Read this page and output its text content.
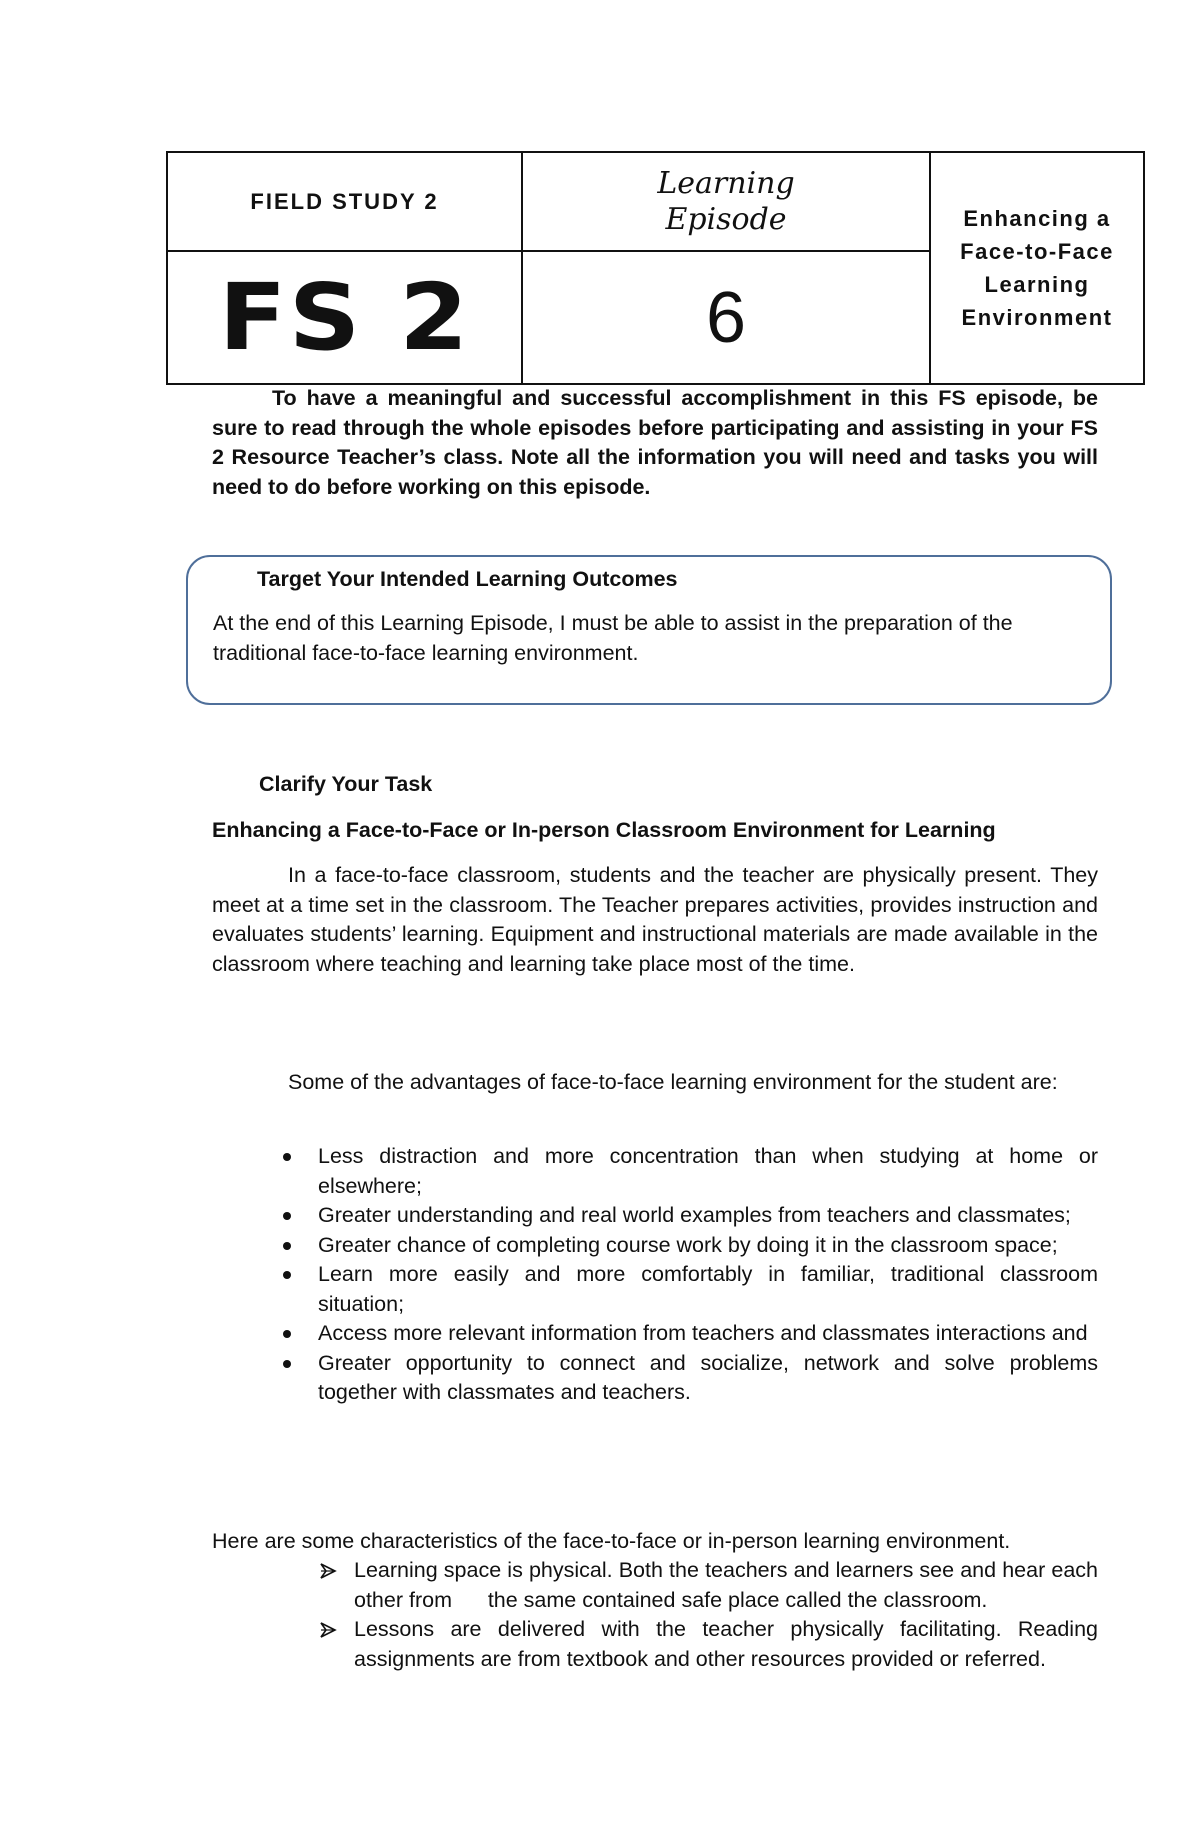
FIELD STUDY 2
Learning Episode	Enhancing a Face-to-Face Learning Environment
FS 2	6

To have a meaningful and successful accomplishment in this FS episode, be sure to read through the whole episodes before participating and assisting in your FS 2 Resource Teacher’s class. Note all the information you will need and tasks you will need to do before working on this episode.

Target Your Intended Learning Outcomes

At the end of this Learning Episode, I must be able to assist in the preparation of the traditional face-to-face learning environment.

Clarify Your Task

Enhancing a Face-to-Face or In-person Classroom Environment for Learning

In a face-to-face classroom, students and the teacher are physically present. They meet at a time set in the classroom. The Teacher prepares activities, provides instruction and evaluates students’ learning. Equipment and instructional materials are made available in the classroom where teaching and learning take place most of the time.

Some of the advantages of face-to-face learning environment for the student are:

Less distraction and more concentration than when studying at home or elsewhere;
Greater understanding and real world examples from teachers and classmates;
Greater chance of completing course work by doing it in the classroom space;
Learn more easily and more comfortably in familiar, traditional classroom situation;
Access more relevant information from teachers and classmates interactions and
Greater opportunity to connect and socialize, network and solve problems together with classmates and teachers.

Here are some characteristics of the face-to-face or in-person learning environment.

Learning space is physical. Both the teachers and learners see and hear each other from      the same contained safe place called the classroom.
Lessons are delivered with the teacher physically facilitating. Reading assignments are from textbook and other resources provided or referred.
